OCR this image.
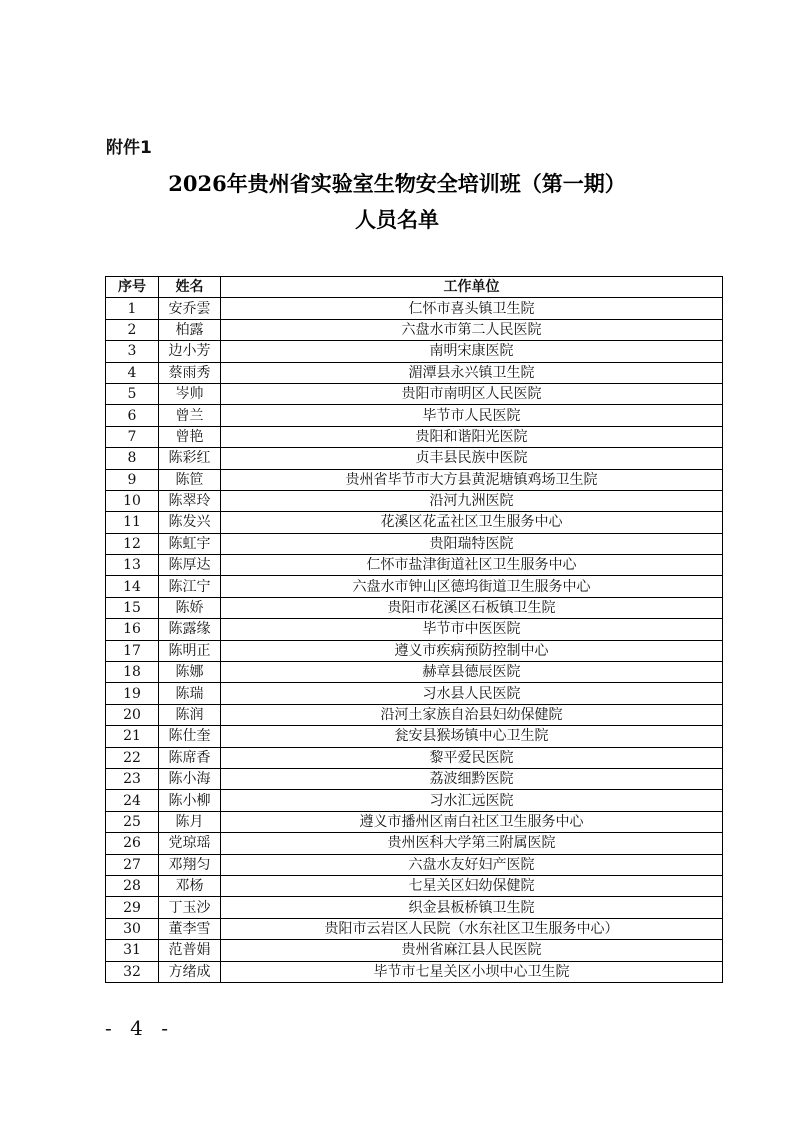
附件1
2026年贵州省实验室生物安全培训班（第一期）
人员名单
序号	姓名	工作单位
1	安乔雲	仁怀市喜头镇卫生院
2	柏露	六盘水市第二人民医院
3	边小芳	南明宋康医院
4	蔡雨秀	湄潭县永兴镇卫生院
5	岑帅	贵阳市南明区人民医院
6	曾兰	毕节市人民医院
7	曾艳	贵阳和谐阳光医院
8	陈彩红	贞丰县民族中医院
9	陈笸	贵州省毕节市大方县黄泥塘镇鸡场卫生院
10	陈翠玲	沿河九洲医院
11	陈发兴	花溪区花孟社区卫生服务中心
12	陈虹宇	贵阳瑞特医院
13	陈厚达	仁怀市盐津街道社区卫生服务中心
14	陈江宁	六盘水市钟山区德坞街道卫生服务中心
15	陈娇	贵阳市花溪区石板镇卫生院
16	陈露缘	毕节市中医医院
17	陈明正	遵义市疾病预防控制中心
18	陈娜	赫章县德辰医院
19	陈瑞	习水县人民医院
20	陈润	沿河土家族自治县妇幼保健院
21	陈仕奎	瓮安县猴场镇中心卫生院
22	陈席香	黎平爱民医院
23	陈小海	荔波细黔医院
24	陈小柳	习水汇远医院
25	陈月	遵义市播州区南白社区卫生服务中心
26	党琼瑶	贵州医科大学第三附属医院
27	邓翔匀	六盘水友好妇产医院
28	邓杨	七星关区妇幼保健院
29	丁玉沙	织金县板桥镇卫生院
30	董李雪	贵阳市云岩区人民院（水东社区卫生服务中心）
31	范普娟	贵州省麻江县人民医院
32	方绪成	毕节市七星关区小坝中心卫生院
- 4 -
